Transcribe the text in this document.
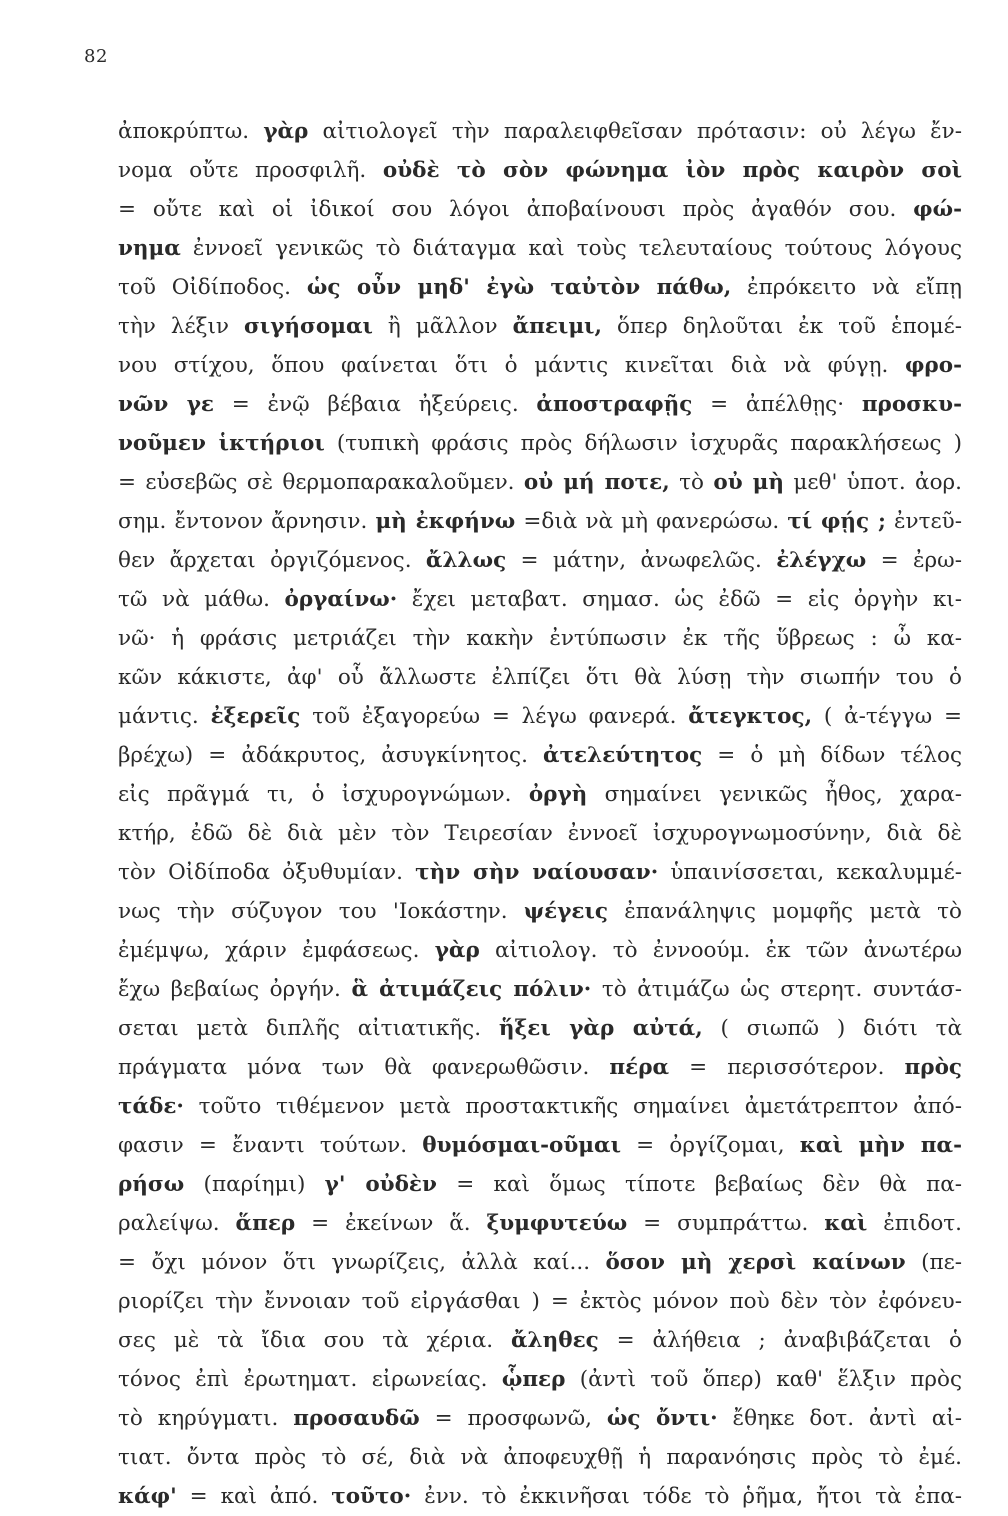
82
ἀποκρύπτω. γὰρ αἰτιολογεῖ τὴν παραλειφθεῖσαν πρότασιν: οὐ λέγω ἔν-
νομα οὔτε προσφιλῆ. οὐδὲ τὸ σὸν φώνημα ἰὸν πρὸς καιρὸν σοὶ
= οὔτε καὶ οἱ ἰδικοί σου λόγοι ἀποβαίνουσι πρὸς ἀγαθόν σου. φώ-
νημα ἐννοεῖ γενικῶς τὸ διάταγμα καὶ τοὺς τελευταίους τούτους λόγους
τοῦ Οἰδίποδος. ὡς οὖν μηδ' ἐγὼ ταὐτὸν πάθω, ἐπρόκειτο νὰ εἴπῃ
τὴν λέξιν σιγήσομαι ἢ μᾶλλον ἄπειμι, ὅπερ δηλοῦται ἐκ τοῦ ἑπομέ-
νου στίχου, ὅπου φαίνεται ὅτι ὁ μάντις κινεῖται διὰ νὰ φύγῃ. φρο-
νῶν γε = ἐνῷ βέβαια ἠξεύρεις. ἀποστραφῇς = ἀπέλθῃς· προσκυ-
νοῦμεν ἱκτήριοι (τυπικὴ φράσις πρὸς δήλωσιν ἰσχυρᾶς παρακλήσεως )
= εὐσεβῶς σὲ θερμοπαρακαλοῦμεν. οὐ μή ποτε, τὸ οὐ μὴ μεθ' ὑποτ. ἀορ.
σημ. ἔντονον ἄρνησιν. μὴ ἐκφήνω =διὰ νὰ μὴ φανερώσω. τί φῄς ; ἐντεῦ-
θεν ἄρχεται ὀργιζόμενος. ἄλλως = μάτην, ἀνωφελῶς. ἐλέγχω = ἐρω-
τῶ νὰ μάθω. ὀργαίνω· ἔχει μεταβατ. σημασ. ὡς ἐδῶ = εἰς ὀργὴν κι-
νῶ· ἡ φράσις μετριάζει τὴν κακὴν ἐντύπωσιν ἐκ τῆς ὕβρεως : ὦ κα-
κῶν κάκιστε, ἀφ' οὗ ἄλλωστε ἐλπίζει ὅτι θὰ λύσῃ τὴν σιωπήν του ὁ
μάντις. ἐξερεῖς τοῦ ἐξαγορεύω = λέγω φανερά. ἄτεγκτος, ( ἀ-τέγγω =
βρέχω) = ἀδάκρυτος, ἀσυγκίνητος. ἀτελεύτητος = ὁ μὴ δίδων τέλος
εἰς πρᾶγμά τι, ὁ ἰσχυρογνώμων. ὀργὴ σημαίνει γενικῶς ἦθος, χαρα-
κτήρ, ἐδῶ δὲ διὰ μὲν τὸν Τειρεσίαν ἐννοεῖ ἰσχυρογνωμοσύνην, διὰ δὲ
τὸν Οἰδίποδα ὀξυθυμίαν. τὴν σὴν ναίουσαν· ὑπαινίσσεται, κεκαλυμμέ-
νως τὴν σύζυγον του 'Ιοκάστην. ψέγεις ἐπανάληψις μομφῆς μετὰ τὸ
ἐμέμψω, χάριν ἐμφάσεως. γὰρ αἰτιολογ. τὸ ἐννοούμ. ἐκ τῶν ἀνωτέρω
ἔχω βεβαίως ὀργήν. ἃ ἀτιμάζεις πόλιν· τὸ ἀτιμάζω ὡς στερητ. συντάσ-
σεται μετὰ διπλῆς αἰτιατικῆς. ἥξει γὰρ αὐτά, ( σιωπῶ ) διότι τὰ
πράγματα μόνα των θὰ φανερωθῶσιν. πέρα = περισσότερον. πρὸς
τάδε· τοῦτο τιθέμενον μετὰ προστακτικῆς σημαίνει ἀμετάτρεπτον ἀπό-
φασιν = ἔναντι τούτων. θυμόσμαι-οῦμαι = ὀργίζομαι, καὶ μὴν πα-
ρήσω (παρίημι) γ' οὐδὲν = καὶ ὅμως τίποτε βεβαίως δὲν θὰ πα-
ραλείψω. ἅπερ = ἐκείνων ἅ. ξυμφυτεύω = συμπράττω. καὶ ἐπιδοτ.
= ὄχι μόνον ὅτι γνωρίζεις, ἀλλὰ καί... ὅσον μὴ χερσὶ καίνων (πε-
ριορίζει τὴν ἔννοιαν τοῦ εἰργάσθαι ) = ἐκτὸς μόνον ποὺ δὲν τὸν ἐφόνευ-
σες μὲ τὰ ἴδια σου τὰ χέρια. ἄληθες = ἀλήθεια ; ἀναβιβάζεται ὁ
τόνος ἐπὶ ἐρωτηματ. εἰρωνείας. ᾧπερ (ἀντὶ τοῦ ὅπερ) καθ' ἕλξιν πρὸς
τὸ κηρύγματι. προσαυδῶ = προσφωνῶ, ὡς ὄντι· ἔθηκε δοτ. ἀντὶ αἰ-
τιατ. ὄντα πρὸς τὸ σέ, διὰ νὰ ἀποφευχθῇ ἡ παρανόησις πρὸς τὸ ἐμέ.
κάφ' = καὶ ἀπό. τοῦτο· ἐνν. τὸ ἐκκινῆσαι τόδε τὸ ῥῆμα, ἤτοι τὰ ἐπα-
